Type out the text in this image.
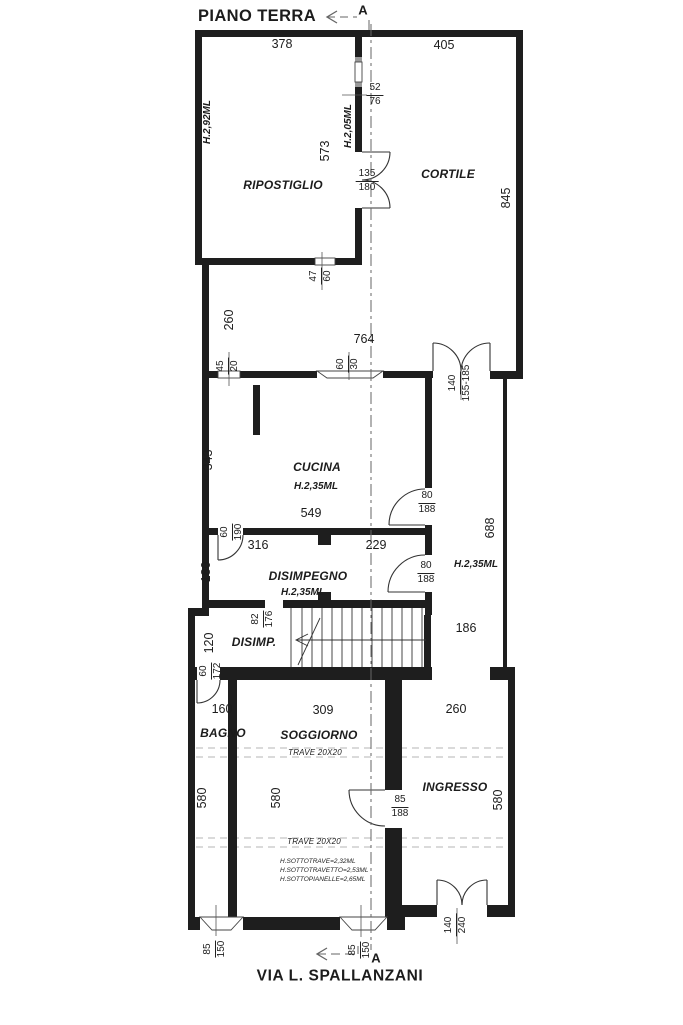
PIANO TERRA	A
A
VIA L. SPALLANZANI
H.SOTTOTRAVE=2,32ML
H.SOTTOTRAVETTO=2,53ML
H.SOTTOPIANELLE=2,65ML
378	405
$\frac{52}{76}$
H.2,92ML	H.2,05ML
573
RIPOSTIGLIO	$\frac{135}{180}$	CORTILE
845
47 60
260
764
45 20	60 30
140 155-185
343	CUCINA
H.2,35ML
549	$\frac{80}{188}$
688
60 190
316	229
180	DISIMPEGNO
H.2,35ML
$\frac{80}{188} H.2,35ML$
82 176
186
120 DISIMP.
60 172
160	309	260
BAGNO	SOGGIORNO
TRAVE 20X20
INGRESSO
580	580	580
$\frac{85}{188}$
TRAVE 20X20
85 150	85 150
140 240
